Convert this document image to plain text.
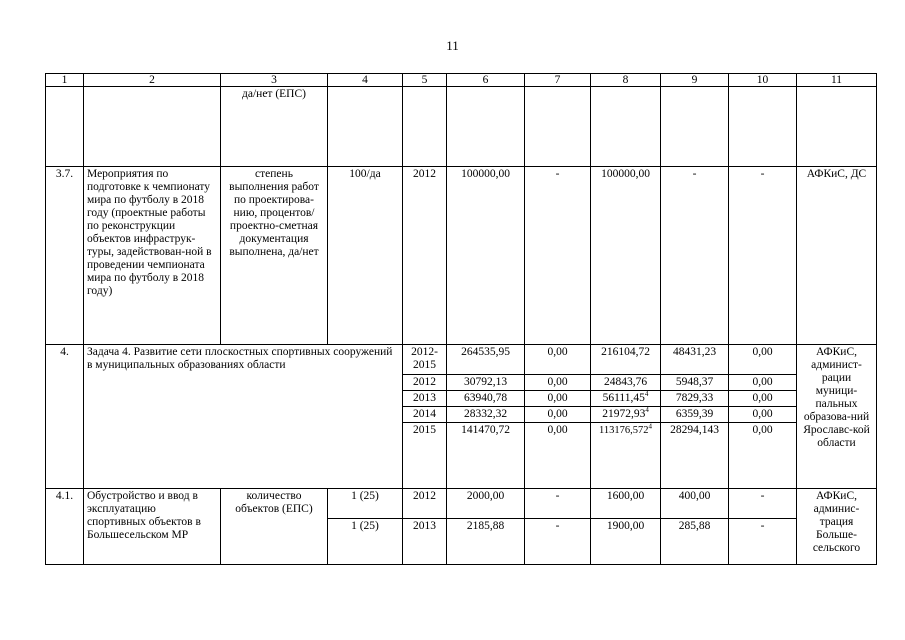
11
1	2	3	4	5	6	7	8	9	10	11
		да/нет (ЕПС)								
3.7.	Мероприятия по подготовке к чемпионату мира по футболу в 2018 году (проектные работы по реконструкции объектов инфраструк-туры, задействован-ной в проведении чемпионата мира по футболу в 2018 году)	степень выполнения работ по проектирова-нию, процентов/ проектно-сметная документация выполнена, да/нет	100/да	2012	100000,00	-	100000,00	-	-	АФКиС, ДС
4.	Задача 4. Развитие сети плоскостных спортивных сооружений в муниципальных образованиях области			2012-2015	264535,95	0,00	216104,72	48431,23	0,00	АФКиС, админист-рации муници-пальных образова-ний Ярославс-кой области
				2012	30792,13	0,00	24843,76	5948,37	0,00	
				2013	63940,78	0,00	56111,45$^4$	7829,33	0,00	
				2014	28332,32	0,00	21972,93$^4$	6359,39	0,00	
				2015	141470,72	0,00	113176,572$^4$	28294,143	0,00	
4.1.	Обустройство и ввод в эксплуатацию спортивных объектов в Большесельском МР	количество объектов (ЕПС)	1 (25)	2012	2000,00	-	1600,00	400,00	-	АФКиС, админис-трация Больше-сельского
			1 (25)	2013	2185,88	-	1900,00	285,88	-	
